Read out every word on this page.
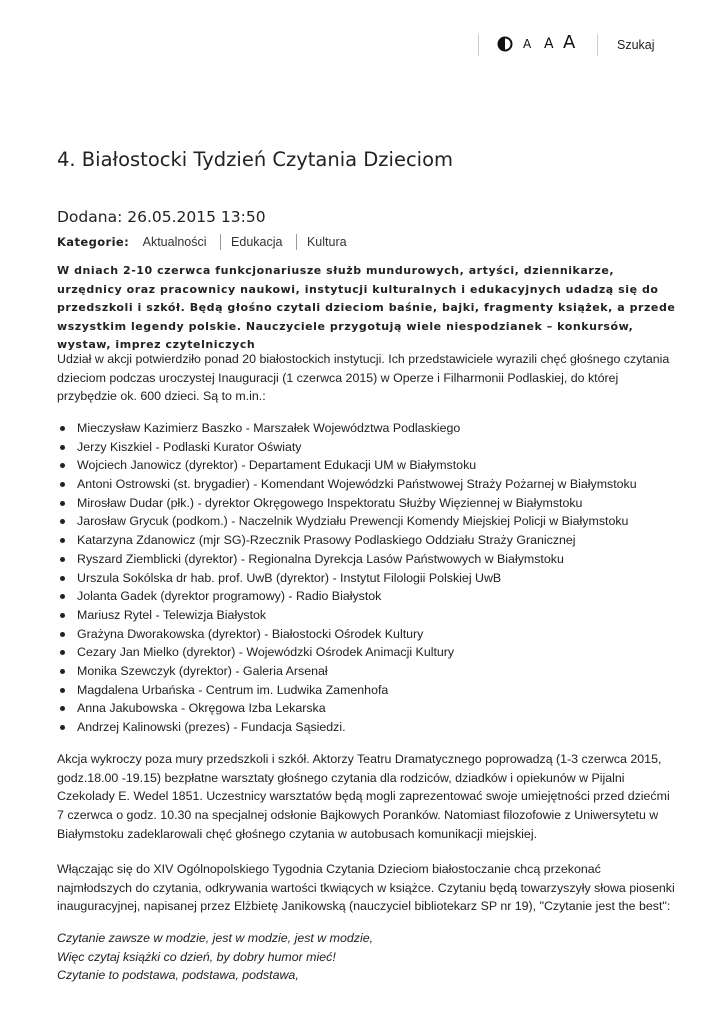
A A A	Szukaj
4. Białostocki Tydzień Czytania Dzieciom
Dodana: 26.05.2015 13:50
Kategorie: Aktualności Edukacja Kultura

W dniach 2-10 czerwca funkcjonariusze służb mundurowych, artyści, dziennikarze, urzędnicy oraz pracownicy naukowi, instytucji kulturalnych i edukacyjnych udadzą się do przedszkoli i szkół. Będą głośno czytali dzieciom baśnie, bajki, fragmenty książek, a przede wszystkim legendy polskie. Nauczyciele przygotują wiele niespodzianek – konkursów, wystaw, imprez czytelniczych

Udział w akcji potwierdziło ponad 20 białostockich instytucji. Ich przedstawiciele wyrazili chęć głośnego czytania dzieciom podczas uroczystej Inauguracji (1 czerwca 2015) w Operze i Filharmonii Podlaskiej, do której przybędzie ok. 600 dzieci. Są to m.in.:

Mieczysław Kazimierz Baszko - Marszałek Województwa Podlaskiego
Jerzy Kiszkiel - Podlaski Kurator Oświaty
Wojciech Janowicz (dyrektor) - Departament Edukacji UM w Białymstoku
Antoni Ostrowski (st. brygadier) - Komendant Wojewódzki Państwowej Straży Pożarnej w Białymstoku
Mirosław Dudar (płk.) - dyrektor Okręgowego Inspektoratu Służby Więziennej w Białymstoku
Jarosław Grycuk (podkom.) - Naczelnik Wydziału Prewencji Komendy Miejskiej Policji w Białymstoku
Katarzyna Zdanowicz (mjr SG)-Rzecznik Prasowy Podlaskiego Oddziału Straży Granicznej
Ryszard Ziemblicki (dyrektor) - Regionalna Dyrekcja Lasów Państwowych w Białymstoku
Urszula Sokólska dr hab. prof. UwB (dyrektor) - Instytut Filologii Polskiej UwB
Jolanta Gadek (dyrektor programowy) - Radio Białystok
Mariusz Rytel - Telewizja Białystok
Grażyna Dworakowska (dyrektor) - Białostocki Ośrodek Kultury
Cezary Jan Mielko (dyrektor) - Wojewódzki Ośrodek Animacji Kultury
Monika Szewczyk (dyrektor) - Galeria Arsenał
Magdalena Urbańska - Centrum im. Ludwika Zamenhofa
Anna Jakubowska - Okręgowa Izba Lekarska
Andrzej Kalinowski (prezes) - Fundacja Sąsiedzi.

Akcja wykroczy poza mury przedszkoli i szkół. Aktorzy Teatru Dramatycznego poprowadzą (1-3 czerwca 2015, godz.18.00 -19.15) bezpłatne warsztaty głośnego czytania dla rodziców, dziadków i opiekunów w Pijalni Czekolady E. Wedel 1851. Uczestnicy warsztatów będą mogli zaprezentować swoje umiejętności przed dziećmi 7 czerwca o godz. 10.30 na specjalnej odsłonie Bajkowych Poranków. Natomiast filozofowie z Uniwersytetu w Białymstoku zadeklarowali chęć głośnego czytania w autobusach komunikacji miejskiej.

Włączając się do XIV Ogólnopolskiego Tygodnia Czytania Dzieciom białostoczanie chcą przekonać najmłodszych do czytania, odkrywania wartości tkwiących w książce. Czytaniu będą towarzyszyły słowa piosenki inauguracyjnej, napisanej przez Elżbietę Janikowską (nauczyciel bibliotekarz SP nr 19), "Czytanie jest the best":

Czytanie zawsze w modzie, jest w modzie, jest w modzie,
Więc czytaj książki co dzień, by dobry humor mieć!
Czytanie to podstawa, podstawa, podstawa,
